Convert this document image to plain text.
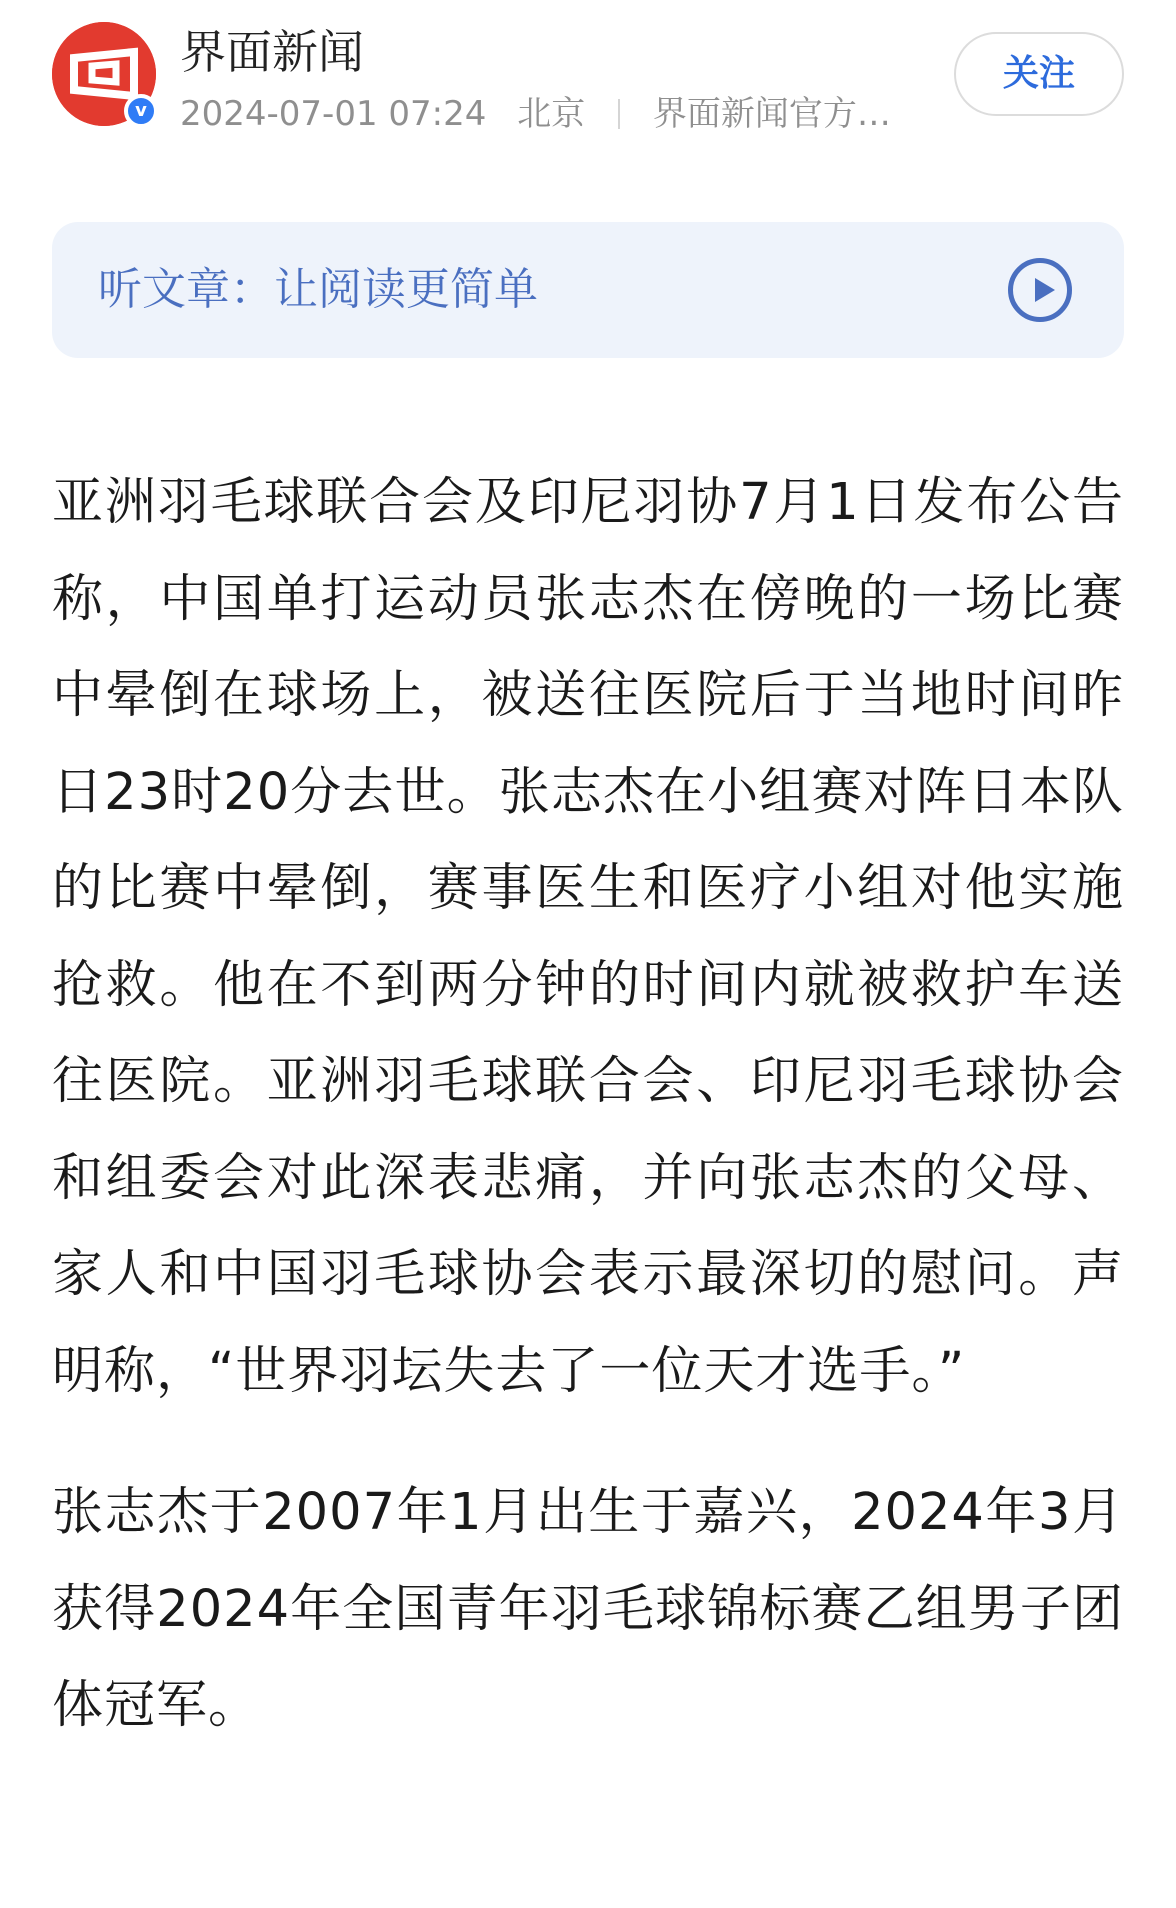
v
界面新闻
2024-07-01 07:24 北京 界面新闻官方…
关注
听文章：让阅读更简单

亚洲羽毛球联合会及印尼羽协7月1日发布公告称，中国单打运动员张志杰在傍晚的一场比赛中晕倒在球场上，被送往医院后于当地时间昨日23时20分去世。张志杰在小组赛对阵日本队的比赛中晕倒，赛事医生和医疗小组对他实施抢救。他在不到两分钟的时间内就被救护车送往医院。亚洲羽毛球联合会、印尼羽毛球协会和组委会对此深表悲痛，并向张志杰的父母、家人和中国羽毛球协会表示最深切的慰问。声明称，“世界羽坛失去了一位天才选手。”

张志杰于2007年1月出生于嘉兴，2024年3月获得2024年全国青年羽毛球锦标赛乙组男子团体冠军。
